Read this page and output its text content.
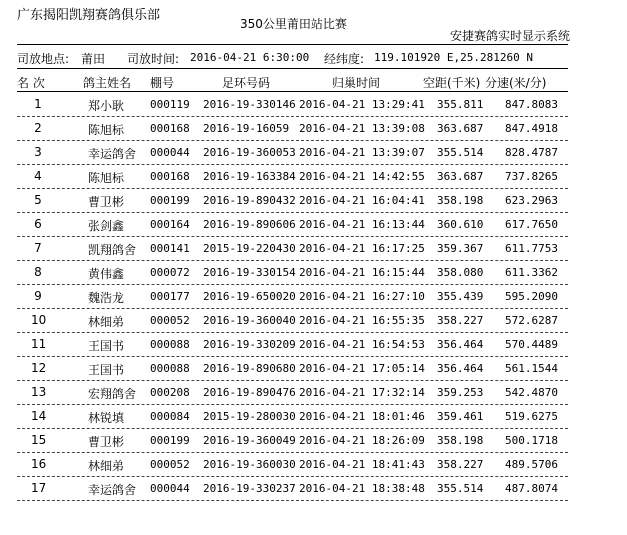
广东揭阳凯翔赛鸽俱乐部
350公里莆田站比赛
安捷赛鸽实时显示系统
司放地点: 莆田 司放时间: 2016-04-21 6:30:00 经纬度: 119.101920 E,25.281260 N
名 次	鸽主姓名 棚号	足环号码	归巢时间	空距(千米) 分速(米/分)
1	郑小耿 000119 2016-19-330146 2016-04-21 13:29:41 355.811 847.8083
2	陈旭标 000168 2016-19-16059 2016-04-21 13:39:08 363.687 847.4918
3	幸运鸽舍 000044 2016-19-360053 2016-04-21 13:39:07 355.514 828.4787
4	陈旭标 000168 2016-19-163384 2016-04-21 14:42:55 363.687 737.8265
5	曹卫彬 000199 2016-19-890432 2016-04-21 16:04:41 358.198 623.2963
6	张剑鑫 000164 2016-19-890606 2016-04-21 16:13:44 360.610 617.7650
7	凯翔鸽舍 000141 2015-19-220430 2016-04-21 16:17:25 359.367 611.7753
8	黄伟鑫 000072 2016-19-330154 2016-04-21 16:15:44 358.080 611.3362
9	魏浩龙 000177 2016-19-650020 2016-04-21 16:27:10 355.439 595.2090
10	林细弟 000052 2016-19-360040 2016-04-21 16:55:35 358.227 572.6287
11	王国书 000088 2016-19-330209 2016-04-21 16:54:53 356.464 570.4489
12	王国书 000088 2016-19-890680 2016-04-21 17:05:14 356.464 561.1544
13	宏翔鸽舍 000208 2016-19-890476 2016-04-21 17:32:14 359.253 542.4870
14	林锐填 000084 2015-19-280030 2016-04-21 18:01:46 359.461 519.6275
15	曹卫彬 000199 2016-19-360049 2016-04-21 18:26:09 358.198 500.1718
16	林细弟 000052 2016-19-360030 2016-04-21 18:41:43 358.227 489.5706
17	幸运鸽舍 000044 2016-19-330237 2016-04-21 18:38:48 355.514 487.8074
